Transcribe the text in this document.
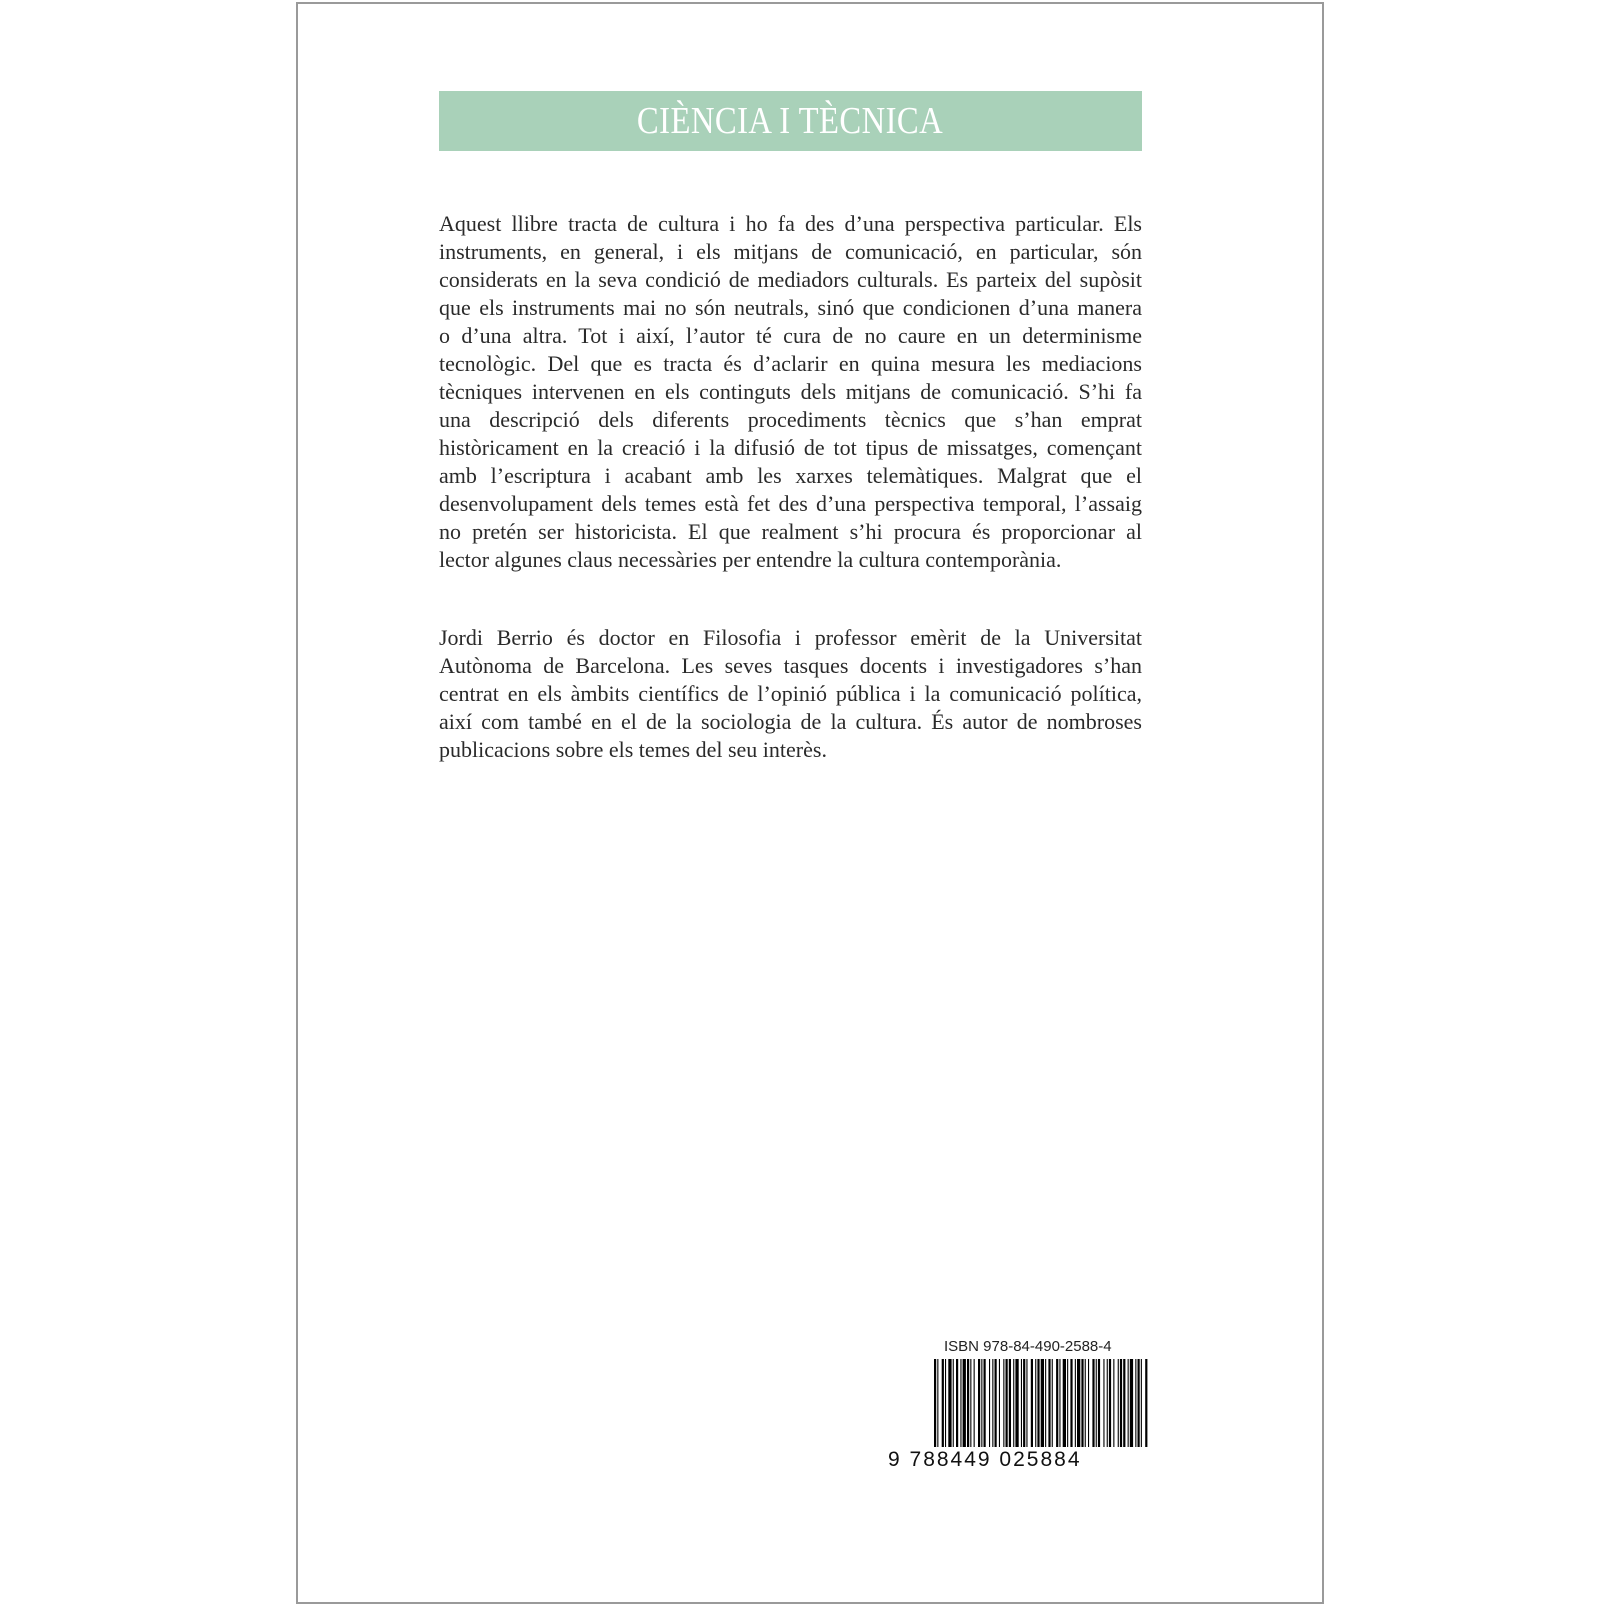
CIÈNCIA I TÈCNICA
Aquest llibre tracta de cultura i ho fa des d’una perspectiva particular. Els
instruments, en general, i els mitjans de comunicació, en particular, són
considerats en la seva condició de mediadors culturals. Es parteix del supòsit
que els instruments mai no són neutrals, sinó que condicionen d’una manera
o d’una altra. Tot i així, l’autor té cura de no caure en un determinisme
tecnològic. Del que es tracta és d’aclarir en quina mesura les mediacions
tècniques intervenen en els continguts dels mitjans de comunicació. S’hi fa
una descripció dels diferents procediments tècnics que s’han emprat
històricament en la creació i la difusió de tot tipus de missatges, començant
amb l’escriptura i acabant amb les xarxes telemàtiques. Malgrat que el
desenvolupament dels temes està fet des d’una perspectiva temporal, l’assaig
no pretén ser historicista. El que realment s’hi procura és proporcionar al
lector algunes claus necessàries per entendre la cultura contemporània.
Jordi Berrio és doctor en Filosofia i professor emèrit de la Universitat
Autònoma de Barcelona. Les seves tasques docents i investigadores s’han
centrat en els àmbits científics de l’opinió pública i la comunicació política,
així com també en el de la sociologia de la cultura. És autor de nombroses
publicacions sobre els temes del seu interès.
ISBN 978-84-490-2588-4
9 788449 025884
